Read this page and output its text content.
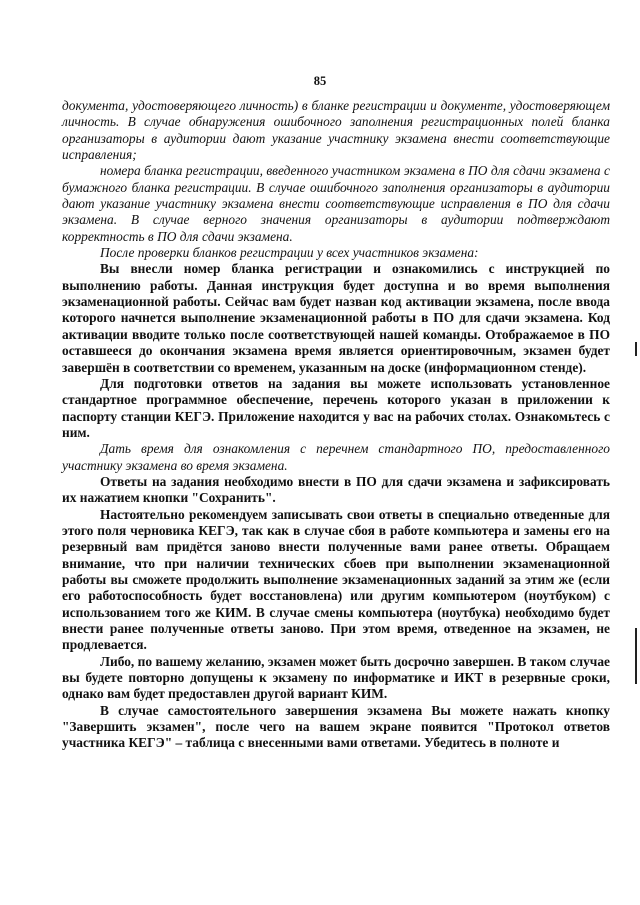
85

документа, удостоверяющего личность) в бланке регистрации и документе, удостоверяющем личность. В случае обнаружения ошибочного заполнения регистрационных полей бланка организаторы в аудитории дают указание участнику экзамена внести соответствующие исправления;

номера бланка регистрации, введенного участником экзамена в ПО для сдачи экзамена с бумажного бланка регистрации. В случае ошибочного заполнения организаторы в аудитории дают указание участнику экзамена внести соответствующие исправления в ПО для сдачи экзамена. В случае верного значения организаторы в аудитории подтверждают корректность в ПО для сдачи экзамена.

После проверки бланков регистрации у всех участников экзамена:

Вы внесли номер бланка регистрации и ознакомились с инструкцией по выполнению работы. Данная инструкция будет доступна и во время выполнения экзаменационной работы. Сейчас вам будет назван код активации экзамена, после ввода которого начнется выполнение экзаменационной работы в ПО для сдачи экзамена. Код активации вводите только после соответствующей нашей команды. Отображаемое в ПО оставшееся до окончания экзамена время является ориентировочным, экзамен будет завершён в соответствии со временем, указанным на доске (информационном стенде).

Для подготовки ответов на задания вы можете использовать установленное стандартное программное обеспечение, перечень которого указан в приложении к паспорту станции КЕГЭ. Приложение находится у вас на рабочих столах. Ознакомьтесь с ним.

Дать время для ознакомления с перечнем стандартного ПО, предоставленного участнику экзамена во время экзамена.

Ответы на задания необходимо внести в ПО для сдачи экзамена и зафиксировать их нажатием кнопки "Сохранить".

Настоятельно рекомендуем записывать свои ответы в специально отведенные для этого поля черновика КЕГЭ, так как в случае сбоя в работе компьютера и замены его на резервный вам придётся заново внести полученные вами ранее ответы. Обращаем внимание, что при наличии технических сбоев при выполнении экзаменационной работы вы сможете продолжить выполнение экзаменационных заданий за этим же (если его работоспособность будет восстановлена) или другим компьютером (ноутбуком) с использованием того же КИМ. В случае смены компьютера (ноутбука) необходимо будет внести ранее полученные ответы заново. При этом время, отведенное на экзамен, не продлевается.

Либо, по вашему желанию, экзамен может быть досрочно завершен. В таком случае вы будете повторно допущены к экзамену по информатике и ИКТ в резервные сроки, однако вам будет предоставлен другой вариант КИМ.

В случае самостоятельного завершения экзамена Вы можете нажать кнопку "Завершить экзамен", после чего на вашем экране появится "Протокол ответов участника КЕГЭ" – таблица с внесенными вами ответами. Убедитесь в полноте и
